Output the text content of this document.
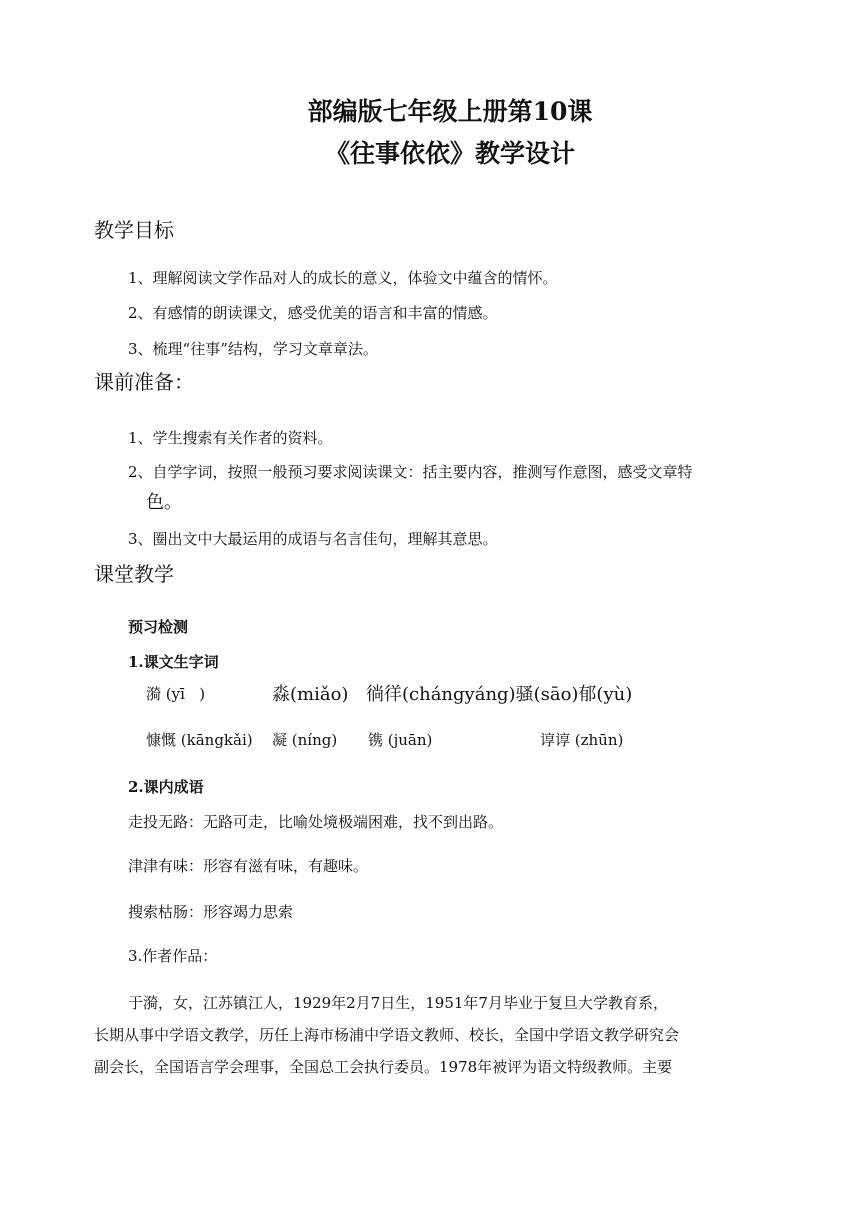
部编版七年级上册第10课
《往事依依》教学设计
教学目标
1、理解阅读文学作品对人的成长的意义，体验文中蕴含的情怀。
2、有感情的朗读课文，感受优美的语言和丰富的情感。
3、梳理“往事”结构，学习文章章法。
课前准备：
1、学生搜索有关作者的资料。
2、自学字词，按照一般预习要求阅读课文：括主要内容，推测写作意图，感受文章特
色。
3、圈出文中大最运用的成语与名言佳句，理解其意思。
课堂教学
预习检测
1.课文生字词
漪 (yī   )	淼(miǎo) 徜徉(chángyáng)骚(sāo)郁(yù)
慷慨 (kāngkǎi) 凝 (níng) 镌 (juān)	谆谆 (zhūn)
2.课内成语
走投无路：无路可走，比喻处境极端困难，找不到出路。
津津有味：形容有滋有味，有趣味。
搜索枯肠：形容竭力思索
3.作者作品：
于漪，女，江苏镇江人，1929年2月7日生，1951年7月毕业于复旦大学教育系，
长期从事中学语文教学，历任上海市杨浦中学语文教师、校长，全国中学语文教学研究会
副会长，全国语言学会理事，全国总工会执行委员。1978年被评为语文特级教师。主要
